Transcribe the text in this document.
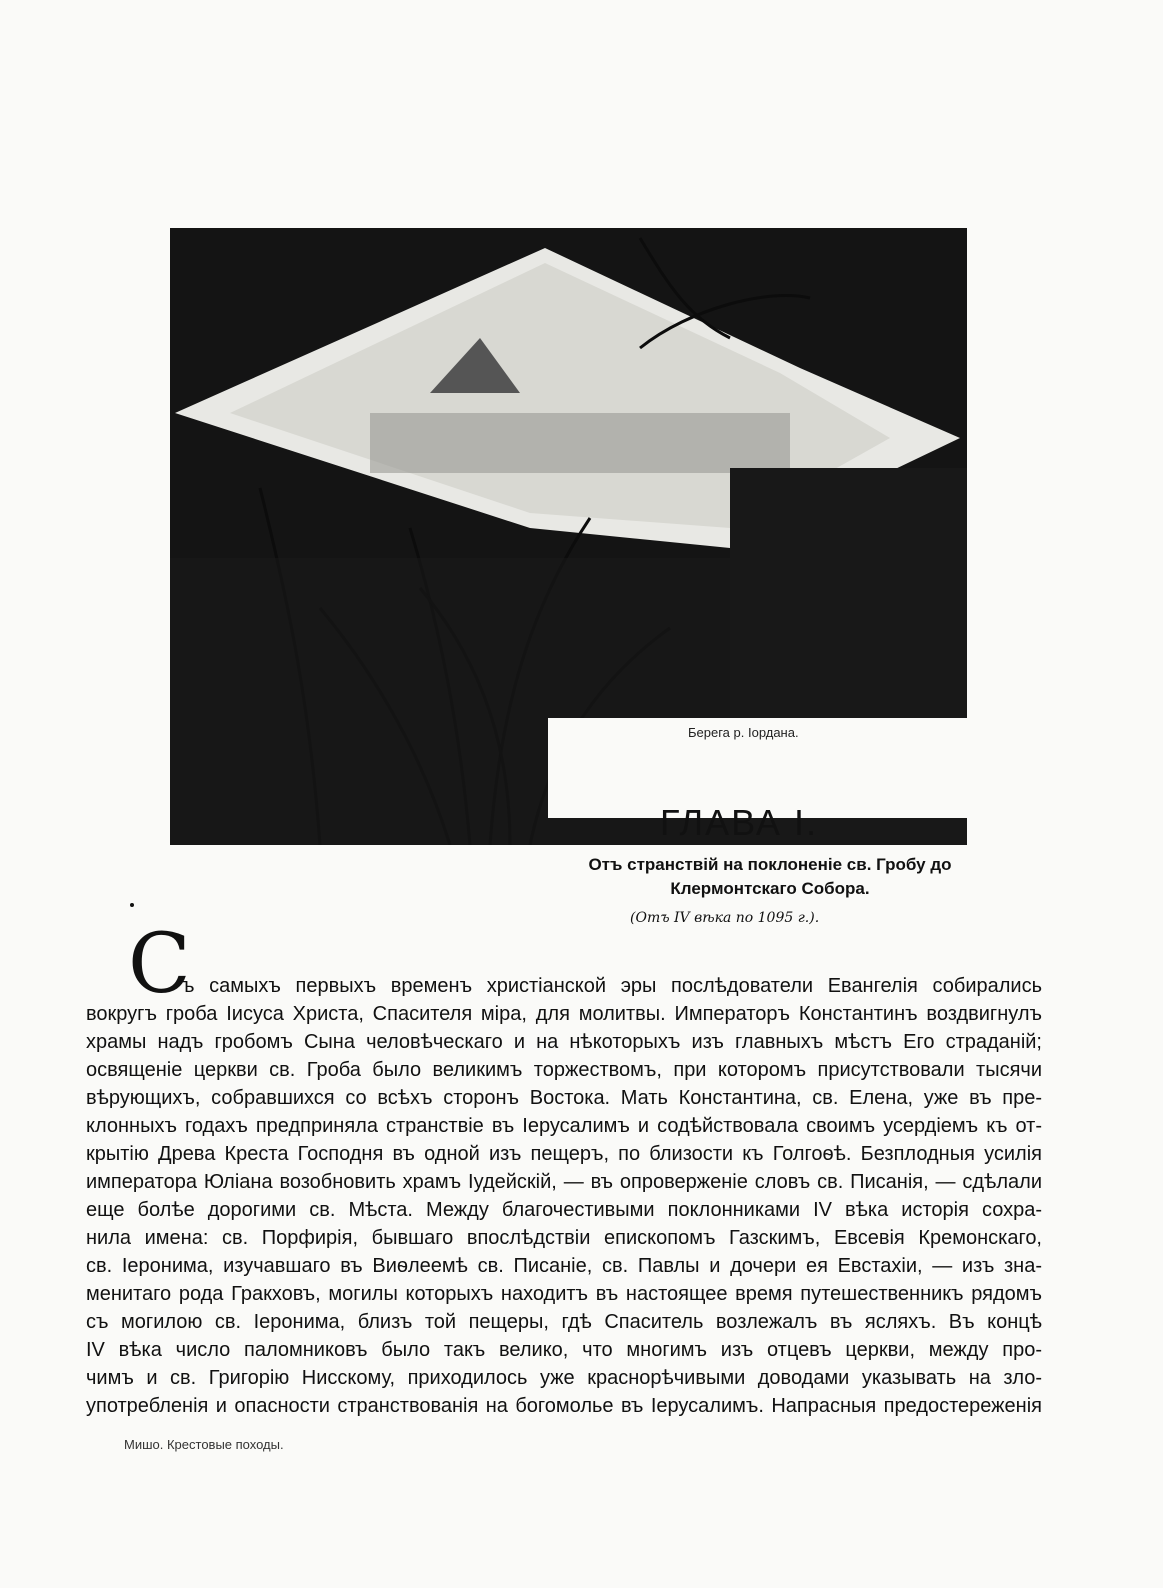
Берега р. Іордана.
ГЛАВА I.
Отъ странствій на поклоненіе св. Гробу до
Клермонтскаго Собора.
(Отъ IV вѣка по 1095 г.).
С
ъ самыхъ первыхъ временъ христіанской эры послѣдователи Евангелія собирались
вокругъ гроба Іисуса Христа, Спасителя міра, для молитвы. Императоръ Константинъ воздвигнулъ
храмы надъ гробомъ Сына человѣческаго и на нѣкоторыхъ изъ главныхъ мѣстъ Его страданій;
освященіе церкви св. Гроба было великимъ торжествомъ, при которомъ присутствовали тысячи
вѣрующихъ, собравшихся со всѣхъ сторонъ Востока. Мать Константина, св. Елена, уже въ пре-
клонныхъ годахъ предприняла странствіе въ Іерусалимъ и содѣйствовала своимъ усердіемъ къ от-
крытію Древа Креста Господня въ одной изъ пещеръ, по близости къ Голгоѳѣ. Безплодныя усилія
императора Юліана возобновить храмъ Іудейскій, — въ опроверженіе словъ св. Писанія, — сдѣлали
еще болѣе дорогими св. Мѣста. Между благочестивыми поклонниками IV вѣка исторія сохра-
нила имена: св. Порфирія, бывшаго впослѣдствіи епископомъ Газскимъ, Евсевія Кремонскаго,
св. Іеронима, изучавшаго въ Виѳлеемѣ св. Писаніе, св. Павлы и дочери ея Евстахіи, — изъ зна-
менитаго рода Гракховъ, могилы которыхъ находитъ въ настоящее время путешественникъ рядомъ
съ могилою св. Іеронима, близъ той пещеры, гдѣ Спаситель возлежалъ въ ясляхъ. Въ концѣ
IV вѣка число паломниковъ было такъ велико, что многимъ изъ отцевъ церкви, между про-
чимъ и св. Григорію Нисскому, приходилось уже краснорѣчивыми доводами указывать на зло-
употребленія и опасности странствованія на богомолье въ Іерусалимъ. Напрасныя предостереженія
Мишо. Крестовые походы.
